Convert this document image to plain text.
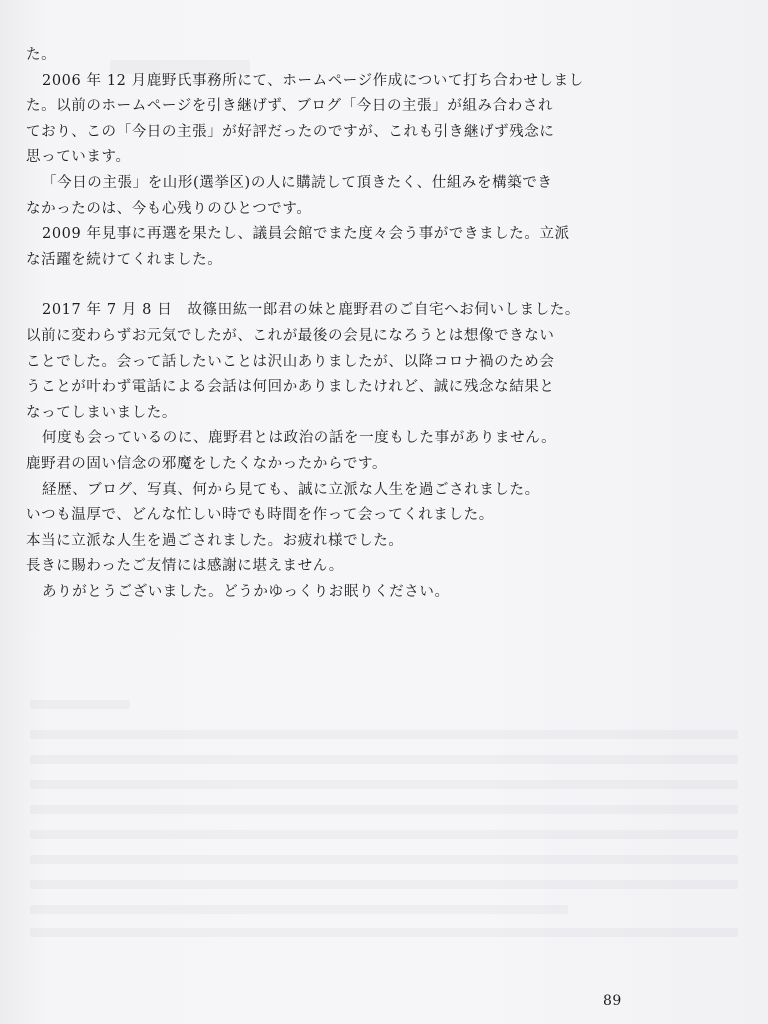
た。

2006 年 12 月鹿野氏事務所にて、ホームページ作成について打ち合わせしまし

た。以前のホームページを引き継げず、ブログ「今日の主張」が組み合わされ

ており、この「今日の主張」が好評だったのですが、これも引き継げず残念に

思っています。

「今日の主張」を山形(選挙区)の人に購読して頂きたく、仕組みを構築でき

なかったのは、今も心残りのひとつです。

2009 年見事に再選を果たし、議員会館でまた度々会う事ができました。立派

な活躍を続けてくれました。

2017 年 7 月 8 日　故篠田紘一郎君の妹と鹿野君のご自宅へお伺いしました。

以前に変わらずお元気でしたが、これが最後の会見になろうとは想像できない

ことでした。会って話したいことは沢山ありましたが、以降コロナ禍のため会

うことが叶わず電話による会話は何回かありましたけれど、誠に残念な結果と

なってしまいました。

何度も会っているのに、鹿野君とは政治の話を一度もした事がありません。

鹿野君の固い信念の邪魔をしたくなかったからです。

経歴、ブログ、写真、何から見ても、誠に立派な人生を過ごされました。

いつも温厚で、どんな忙しい時でも時間を作って会ってくれました。

本当に立派な人生を過ごされました。お疲れ様でした。

長きに賜わったご友情には感謝に堪えません。

ありがとうございました。どうかゆっくりお眠りください。

89
